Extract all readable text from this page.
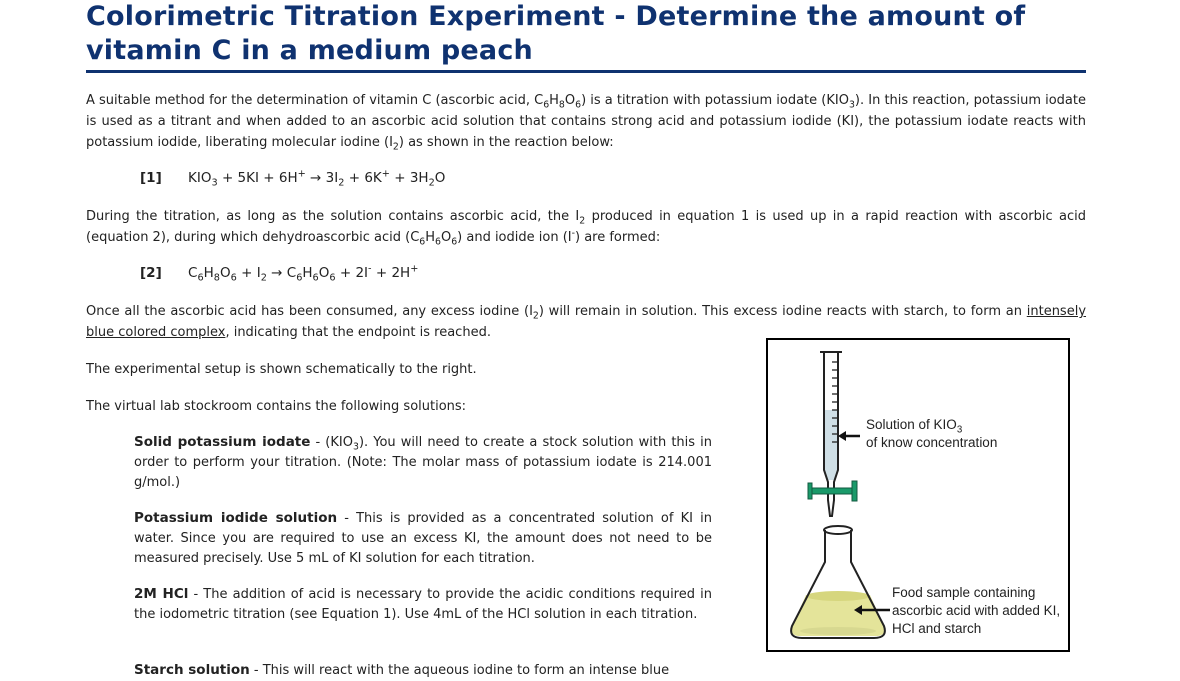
Colorimetric Titration Experiment - Determine the amount of vitamin C in a medium peach

A suitable method for the determination of vitamin C (ascorbic acid, $C_6H_8O_6$) is a titration with potassium iodate $(KIO_3)$. In this reaction, potassium iodate is used as a titrant and when added to an ascorbic acid solution that contains strong acid and potassium iodide (KI), the potassium iodate reacts with potassium iodide, liberating molecular iodine $(I_2)$ as shown in the reaction below:

[1] $KIO_3 + 5KI + 6H^+ \to 3I_2 + 6K^+ + 3H_2O$

During the titration, as long as the solution contains ascorbic acid, the $I_2$ produced in equation 1 is used up in a rapid reaction with ascorbic acid (equation 2), during which dehydroascorbic acid $(C_6H_6O_6)$ and iodide ion (I-) are formed:

[2] $C_6H_8O_6 + I_2 \to C_6H_6O_6 + 2I^- + 2H^+$

Once all the ascorbic acid has been consumed, any excess iodine $(I_2)$ will remain in solution. This excess iodine reacts with starch, to form an intensely blue colored complex, indicating that the endpoint is reached.

The experimental setup is shown schematically to the right.

The virtual lab stockroom contains the following solutions:

Solid potassium iodate - $(KIO_3)$. You will need to create a stock solution with this in order to perform your titration. (Note: The molar mass of potassium iodate is 214.001 g/mol.)
Potassium iodide solution - This is provided as a concentrated solution of KI in water. Since you are required to use an excess KI, the amount does not need to be measured precisely. Use 5 mL of KI solution for each titration.
2M HCl - The addition of acid is necessary to provide the acidic conditions required in the iodometric titration (see Equation 1). Use 4mL of the HCl solution in each titration.
Starch solution - This will react with the aqueous iodine to form an intense blue
Solution of $KIO_3$
of know concentration
Food sample containing ascorbic acid with added KI, HCl and starch
